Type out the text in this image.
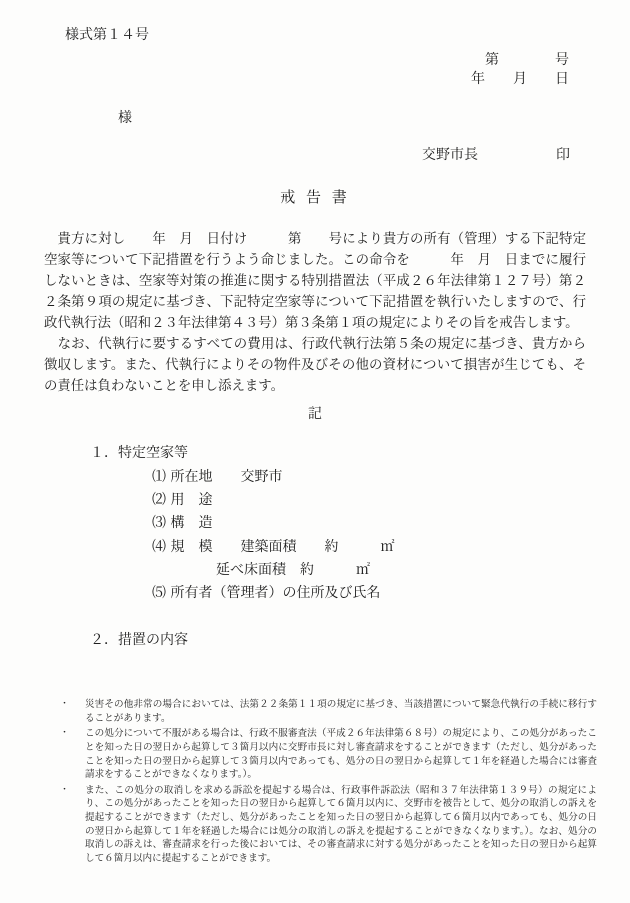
様式第１４号
第　　　　号
年　　月　　日
様
交野市長	印
戒 告 書
　貴方に対し　　年　月　日付け　　　第　　号により貴方の所有（管理）する下記特定空家等について下記措置を行うよう命じました。この命令を　　　年　月　日までに履行しないときは、空家等対策の推進に関する特別措置法（平成２６年法律第１２７号）第２２条第９項の規定に基づき、下記特定空家等について下記措置を執行いたしますので、行政代執行法（昭和２３年法律第４３号）第３条第１項の規定によりその旨を戒告します。
　なお、代執行に要するすべての費用は、行政代執行法第５条の規定に基づき、貴方から徴収します。また、代執行によりその物件及びその他の資材について損害が生じても、その責任は負わないことを申し添えます。
記
１．特定空家等
⑴ 所在地　　交野市
⑵ 用　途
⑶ 構　造
⑷ 規　模　　建築面積　　約　　　㎡
延べ床面積　約　　　㎡
⑸ 所有者（管理者）の住所及び氏名
２．措置の内容
・	災害その他非常の場合においては、法第２２条第１１項の規定に基づき、当該措置について緊急代執行の手続に移行することがあります。
・	この処分について不服がある場合は、行政不服審査法（平成２６年法律第６８号）の規定により、この処分があったことを知った日の翌日から起算して３箇月以内に交野市長に対し審査請求をすることができます（ただし、処分があったことを知った日の翌日から起算して３箇月以内であっても、処分の日の翌日から起算して１年を経過した場合には審査請求をすることができなくなります。）。
・	また、この処分の取消しを求める訴訟を提起する場合は、行政事件訴訟法（昭和３７年法律第１３９号）の規定により、この処分があったことを知った日の翌日から起算して６箇月以内に、交野市を被告として、処分の取消しの訴えを提起することができます（ただし、処分があったことを知った日の翌日から起算して６箇月以内であっても、処分の日の翌日から起算して１年を経過した場合には処分の取消しの訴えを提起することができなくなります。）。なお、処分の取消しの訴えは、審査請求を行った後においては、その審査請求に対する処分があったことを知った日の翌日から起算して６箇月以内に提起することができます。
